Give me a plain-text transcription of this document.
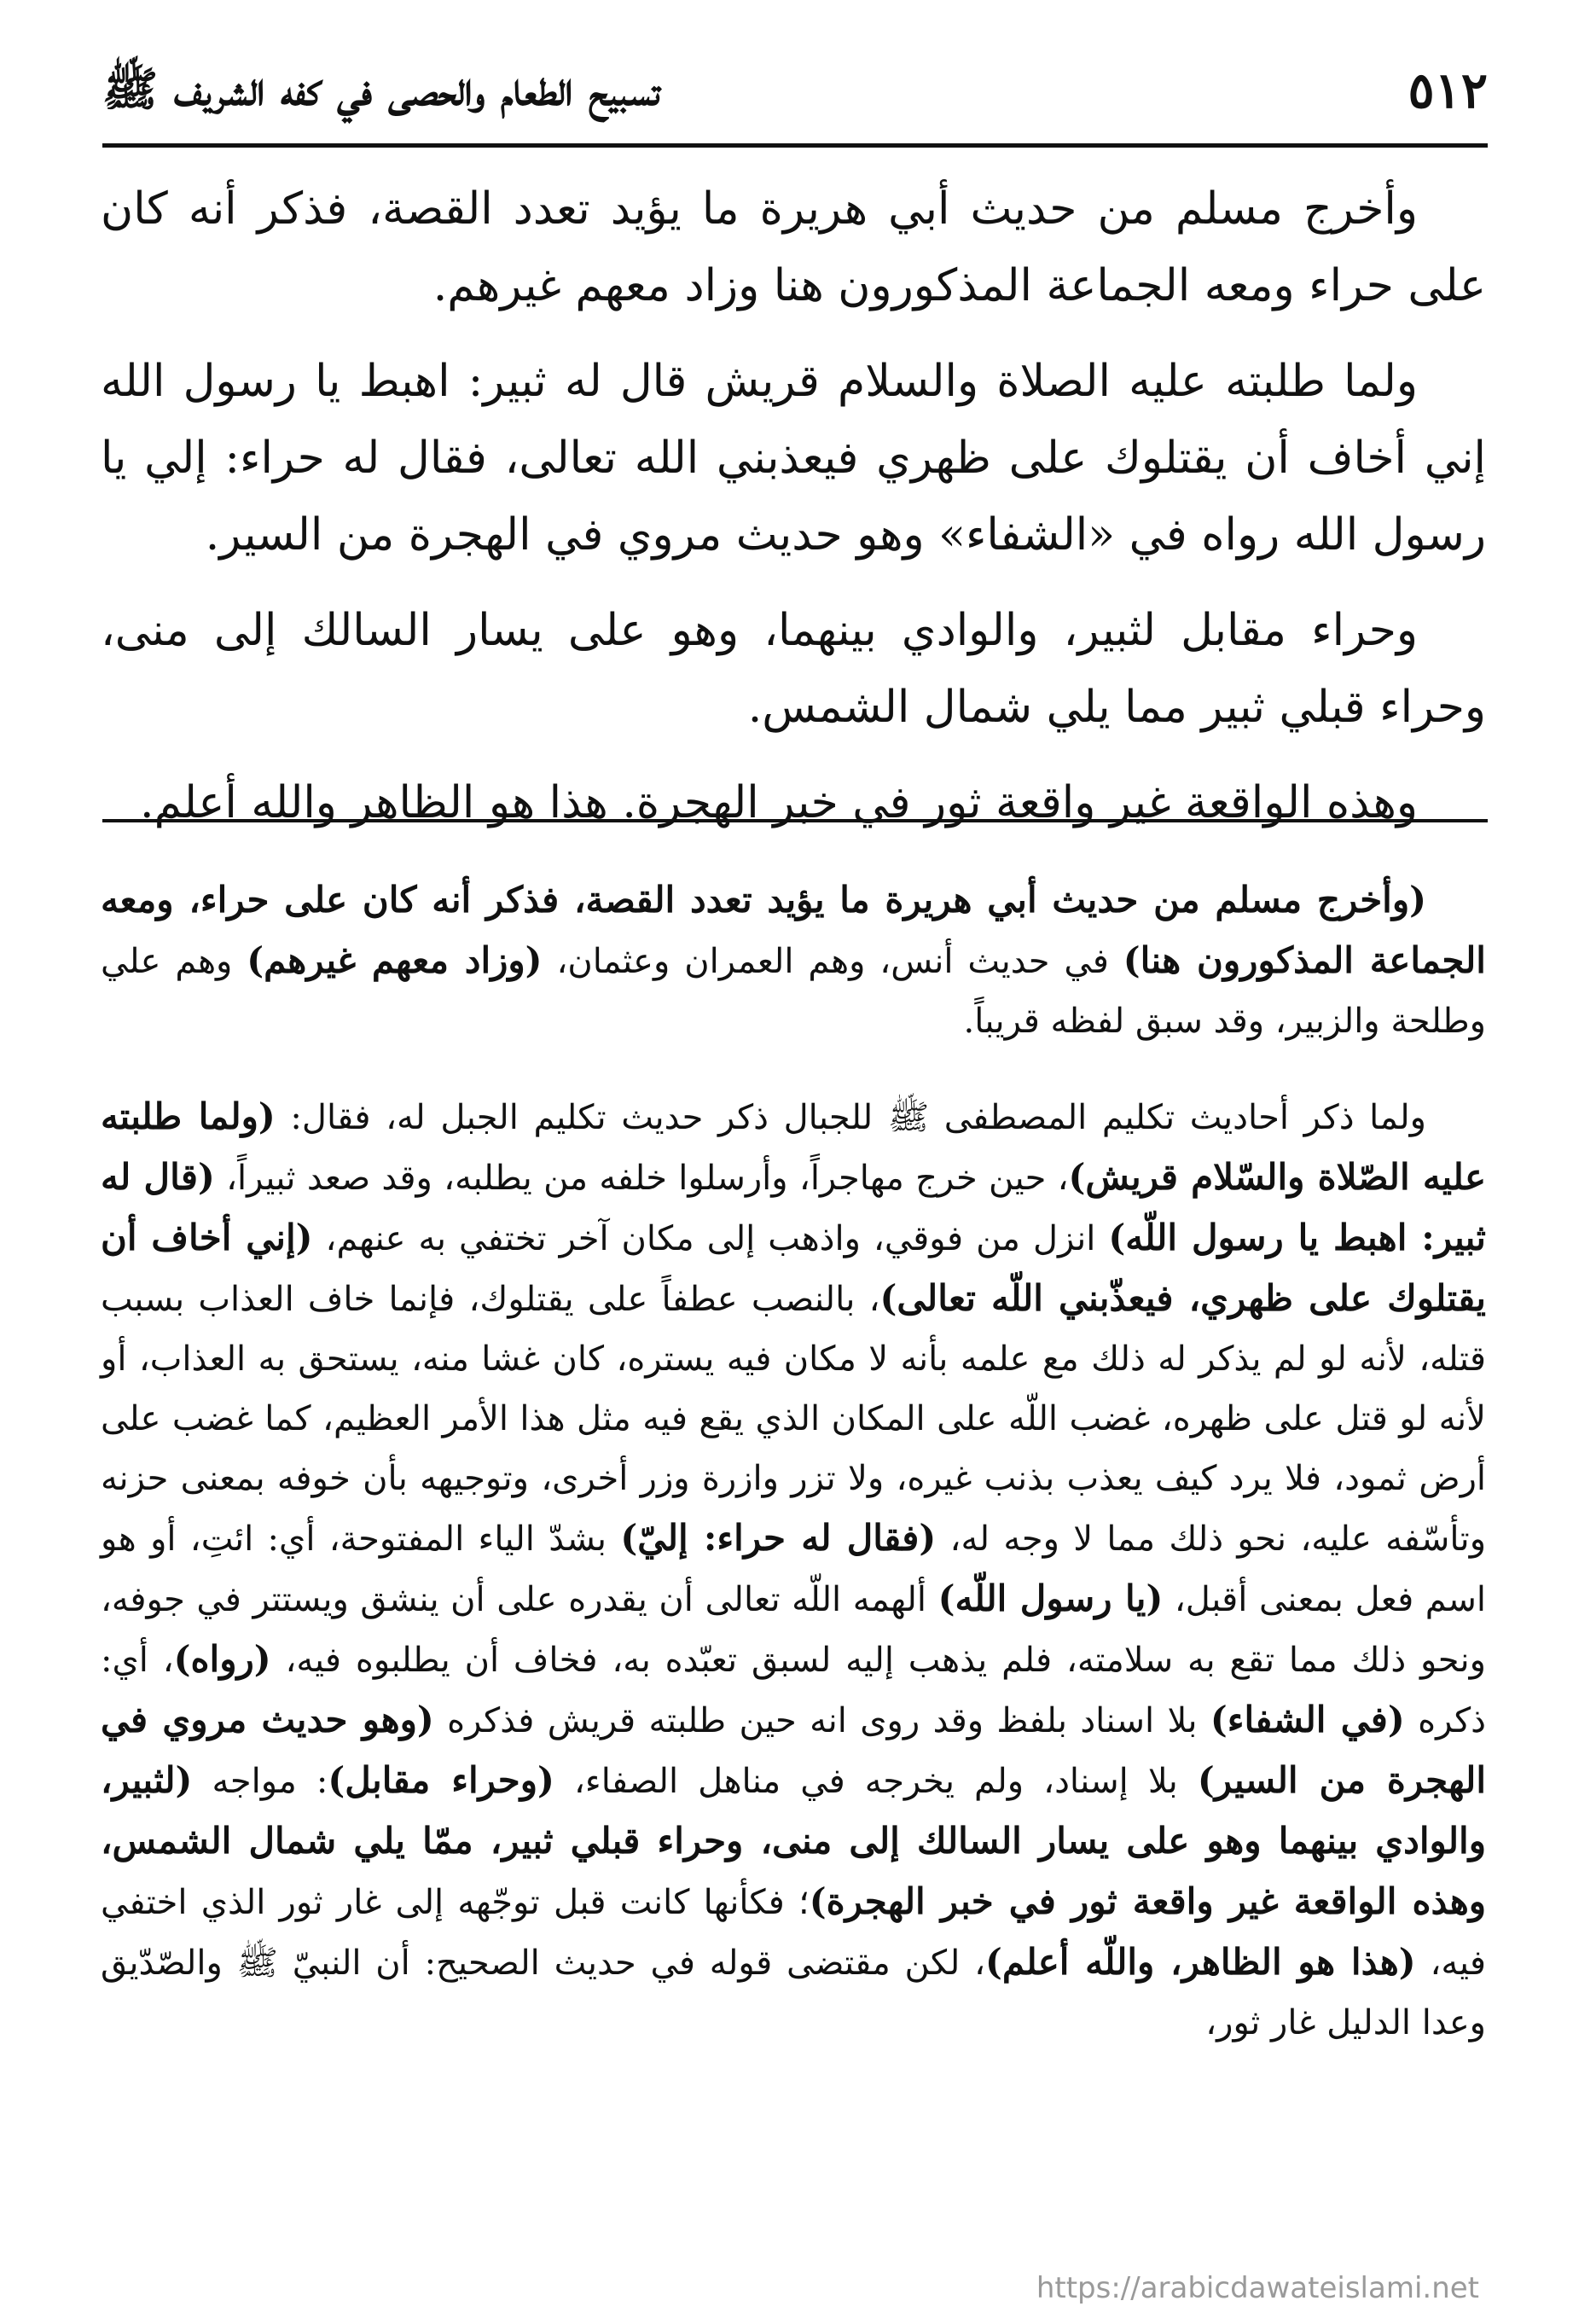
٥١٢
تسبيح الطعام والحصى في كفه الشريف ﷺ

وأخرج مسلم من حديث أبي هريرة ما يؤيد تعدد القصة، فذكر أنه كان على حراء ومعه الجماعة المذكورون هنا وزاد معهم غيرهم.

ولما طلبته عليه الصلاة والسلام قريش قال له ثبير: اهبط يا رسول الله إني أخاف أن يقتلوك على ظهري فيعذبني الله تعالى، فقال له حراء: إلي يا رسول الله رواه في «الشفاء» وهو حديث مروي في الهجرة من السير.

وحراء مقابل لثبير، والوادي بينهما، وهو على يسار السالك إلى منى، وحراء قبلي ثبير مما يلي شمال الشمس.

وهذه الواقعة غير واقعة ثور في خبر الهجرة. هذا هو الظاهر والله أعلم.

(وأخرج مسلم من حديث أبي هريرة ما يؤيد تعدد القصة، فذكر أنه كان على حراء، ومعه الجماعة المذكورون هنا) في حديث أنس، وهم العمران وعثمان، (وزاد معهم غيرهم) وهم علي وطلحة والزبير، وقد سبق لفظه قريباً.

ولما ذكر أحاديث تكليم المصطفى ﷺ للجبال ذكر حديث تكليم الجبل له، فقال: (ولما طلبته عليه الصّلاة والسّلام قريش)، حين خرج مهاجراً، وأرسلوا خلفه من يطلبه، وقد صعد ثبيراً، (قال له ثبير: اهبط يا رسول اللّه) انزل من فوقي، واذهب إلى مكان آخر تختفي به عنهم، (إني أخاف أن يقتلوك على ظهري، فيعذّبني اللّه تعالى)، بالنصب عطفاً على يقتلوك، فإنما خاف العذاب بسبب قتله، لأنه لو لم يذكر له ذلك مع علمه بأنه لا مكان فيه يستره، كان غشا منه، يستحق به العذاب، أو لأنه لو قتل على ظهره، غضب اللّه على المكان الذي يقع فيه مثل هذا الأمر العظيم، كما غضب على أرض ثمود، فلا يرد كيف يعذب بذنب غيره، ولا تزر وازرة وزر أخرى، وتوجيهه بأن خوفه بمعنى حزنه وتأسّفه عليه، نحو ذلك مما لا وجه له، (فقال له حراء: إليّ) بشدّ الياء المفتوحة، أي: ائتِ، أو هو اسم فعل بمعنى أقبل، (يا رسول اللّه) ألهمه اللّه تعالى أن يقدره على أن ينشق ويستتر في جوفه، ونحو ذلك مما تقع به سلامته، فلم يذهب إليه لسبق تعبّده به، فخاف أن يطلبوه فيه، (رواه)، أي: ذكره (في الشفاء) بلا اسناد بلفظ وقد روى انه حين طلبته قريش فذكره (وهو حديث مروي في الهجرة من السير) بلا إسناد، ولم يخرجه في مناهل الصفاء، (وحراء مقابل): مواجه (لثبير، والوادي بينهما وهو على يسار السالك إلى منى، وحراء قبلي ثبير، ممّا يلي شمال الشمس، وهذه الواقعة غير واقعة ثور في خبر الهجرة)؛ فكأنها كانت قبل توجّهه إلى غار ثور الذي اختفي فيه، (هذا هو الظاهر، واللّه أعلم)، لكن مقتضى قوله في حديث الصحيح: أن النبيّ ﷺ والصّدّيق وعدا الدليل غار ثور،

https://arabicdawateislami.net
